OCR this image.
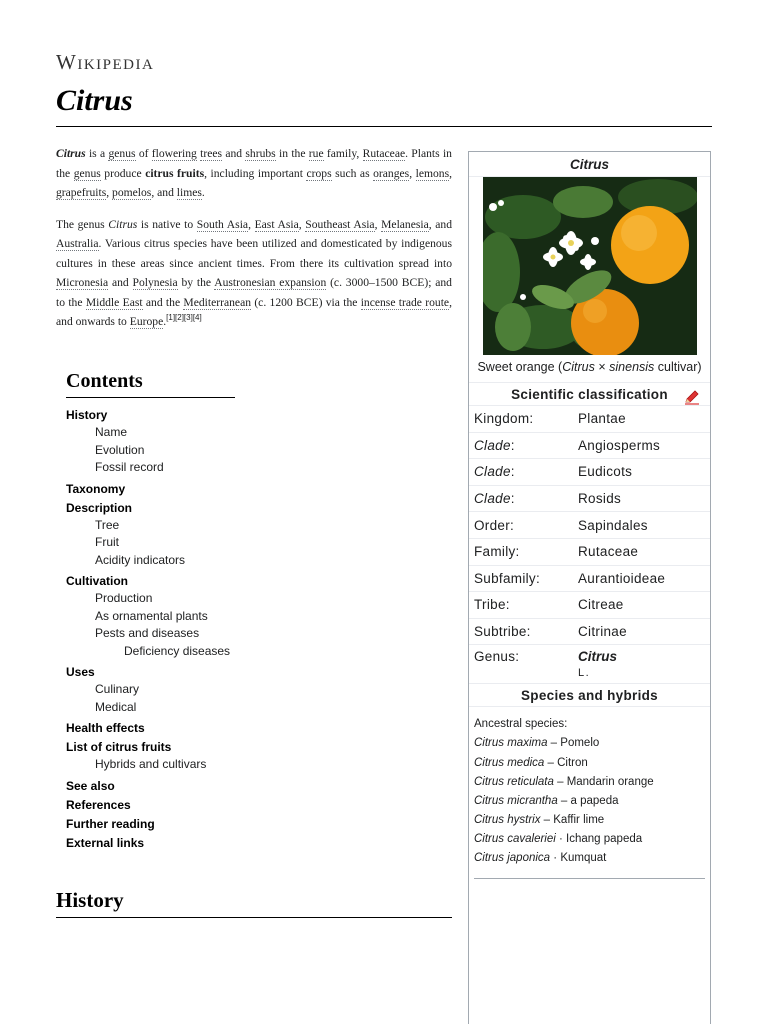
Wikipedia
Citrus

Citrus is a genus of flowering trees and shrubs in the rue family, Rutaceae. Plants in the genus produce citrus fruits, including important crops such as oranges, lemons, grapefruits, pomelos, and limes.

The genus Citrus is native to South Asia, East Asia, Southeast Asia, Melanesia, and Australia. Various citrus species have been utilized and domesticated by indigenous cultures in these areas since ancient times. From there its cultivation spread into Micronesia and Polynesia by the Austronesian expansion (c. 3000–1500 BCE); and to the Middle East and the Mediterranean (c. 1200 BCE) via the incense trade route, and onwards to Europe.[1][2][3][4]

Contents
History
Name
Evolution
Fossil record
Taxonomy
Description
Tree
Fruit
Acidity indicators
Cultivation
Production
As ornamental plants
Pests and diseases
Deficiency diseases
Uses
Culinary
Medical
Health effects
List of citrus fruits
Hybrids and cultivars
See also
References
Further reading
External links
History
Citrus
Sweet orange (Citrus × sinensis cultivar)
Scientific classification
Kingdom:	Plantae
Clade:	Angiosperms
Clade:	Eudicots
Clade:	Rosids
Order:	Sapindales
Family:	Rutaceae
Subfamily:	Aurantioideae
Tribe:	Citreae
Subtribe:	Citrinae
Genus:	Citrus
L.
Species and hybrids
Ancestral species:
Citrus maxima – Pomelo
Citrus medica – Citron
Citrus reticulata – Mandarin orange
Citrus micrantha – a papeda
Citrus hystrix – Kaffir lime
Citrus cavaleriei · Ichang papeda
Citrus japonica · Kumquat
